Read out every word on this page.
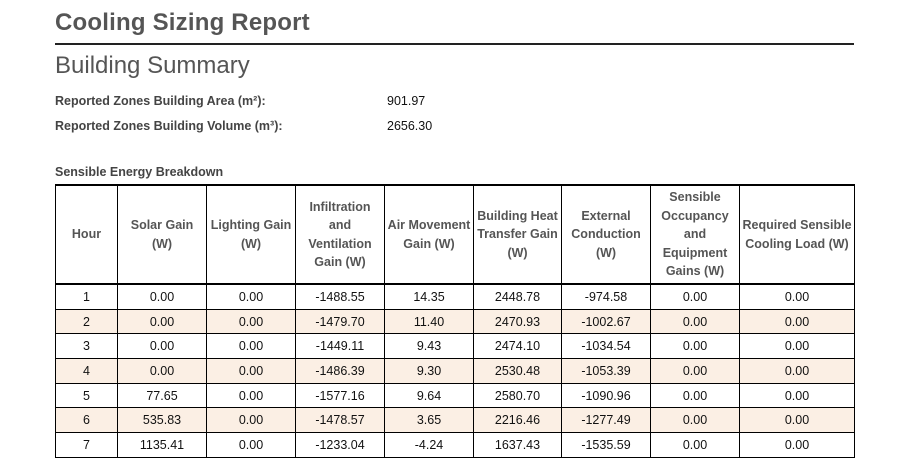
Cooling Sizing Report
Building Summary
Reported Zones Building Area (m²):	901.97
Reported Zones Building Volume (m³):	2656.30
Sensible Energy Breakdown
Hour	Solar Gain (W)	Lighting Gain (W)	Infiltration and Ventilation Gain (W)	Air Movement Gain (W)	Building Heat Transfer Gain (W)	External Conduction (W)	Sensible Occupancy and Equipment Gains (W)	Required Sensible Cooling Load (W)
1	0.00	0.00	-1488.55	14.35	2448.78	-974.58	0.00	0.00
2	0.00	0.00	-1479.70	11.40	2470.93	-1002.67	0.00	0.00
3	0.00	0.00	-1449.11	9.43	2474.10	-1034.54	0.00	0.00
4	0.00	0.00	-1486.39	9.30	2530.48	-1053.39	0.00	0.00
5	77.65	0.00	-1577.16	9.64	2580.70	-1090.96	0.00	0.00
6	535.83	0.00	-1478.57	3.65	2216.46	-1277.49	0.00	0.00
7	1135.41	0.00	-1233.04	-4.24	1637.43	-1535.59	0.00	0.00
